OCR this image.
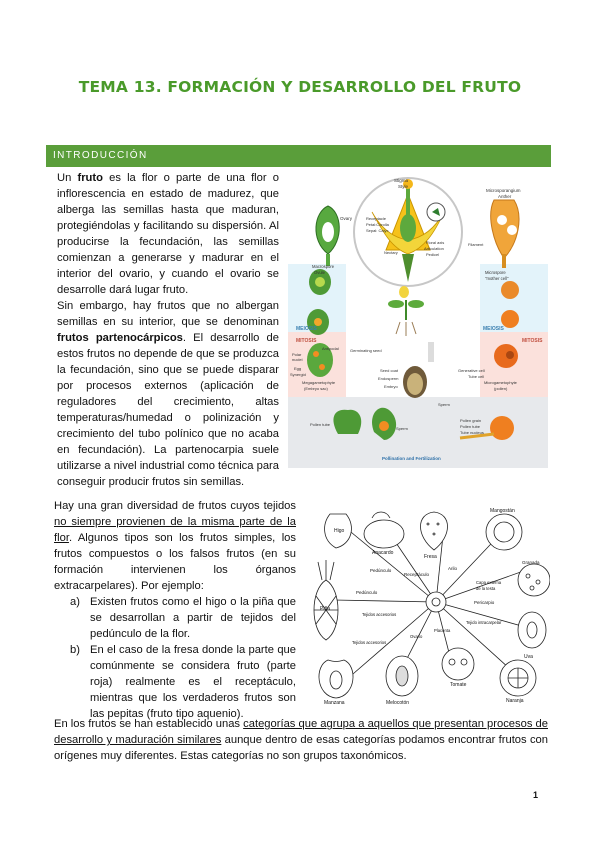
TEMA 13. FORMACIÓN Y DESARROLLO DEL FRUTO
INTRODUCCIÓN
Un fruto es la flor o parte de una flor o inflorescencia en estado de madurez, que alberga las semillas hasta que maduran, protegiéndolas y facilitando su dispersión. Al producirse la fecundación, las semillas comienzan a generarse y madurar en el interior del ovario, y cuando el ovario se desarrolle dará lugar fruto.
Sin embargo, hay frutos que no albergan semillas en su interior, que se denominan frutos partenocárpicos. El desarrollo de estos frutos no depende de que se produzca la fecundación, sino que se puede disparar por procesos externos (aplicación de reguladores del crecimiento, altas temperaturas/humedad o polinización y crecimiento del tubo polínico que no acaba en fecundación). La partenocarpia suele utilizarse a nivel industrial como técnica para conseguir producir frutos sin semillas.
Stigma
Style
Anther
Microsporangium
Ovary	Receptacle
Petal:Corolla
Sepal: Calyx
Floral axis
Articulation
Pedicel
Nectary
Filament
Macrospore
Ovule	Microspore
"mother cell"
MEIOSIS	MEIOSIS
MITOSIS	MITOSIS
Antipodal
Polar
nuclei
Egg
Synergid
Megagametophyte
(Embryo sac)
Germinating seed
Seed coat
Endosperm
Embryo
Generative cell
Tube cell
Microgametophyte
(pollen)
Sperm
Pollen grain
Pollen tube
Tube nucleus
Pollen tube
Sperm
Pollination and Fertilization
Hay una gran diversidad de frutos cuyos tejidos no siempre provienen de la misma parte de la flor. Algunos tipos son los frutos simples, los frutos compuestos o los falsos frutos (en su formación intervienen los órganos extracarpelares). Por ejemplo:
a) Existen frutos como el higo o la piña que se desarrollan a partir de tejidos del pedúnculo de la flor.
b) En el caso de la fresa donde la parte que comúnmente se considera fruto (parte roja) realmente es el receptáculo, mientras que los verdaderos frutos son las pepitas (fruto tipo aquenio).
Higo
Anacardo
Fresa
Mangostán
Pedúnculo
Receptáculo
Arilo
Granada
Capa externa
de la testa
Pedúnculo
Pericarpio
Piña
Tejidos accesorios
Uva
Tejido intracarpelar
Tejidos accesorios
Placenta
Ovario
Manzana	Melocotón
Tomate
Naranja
En los frutos se han establecido unas categorías que agrupa a aquellos que presentan procesos de desarrollo y maduración similares aunque dentro de esas categorías podamos encontrar frutos con orígenes muy diferentes. Estas categorías no son grupos taxonómicos.
1
